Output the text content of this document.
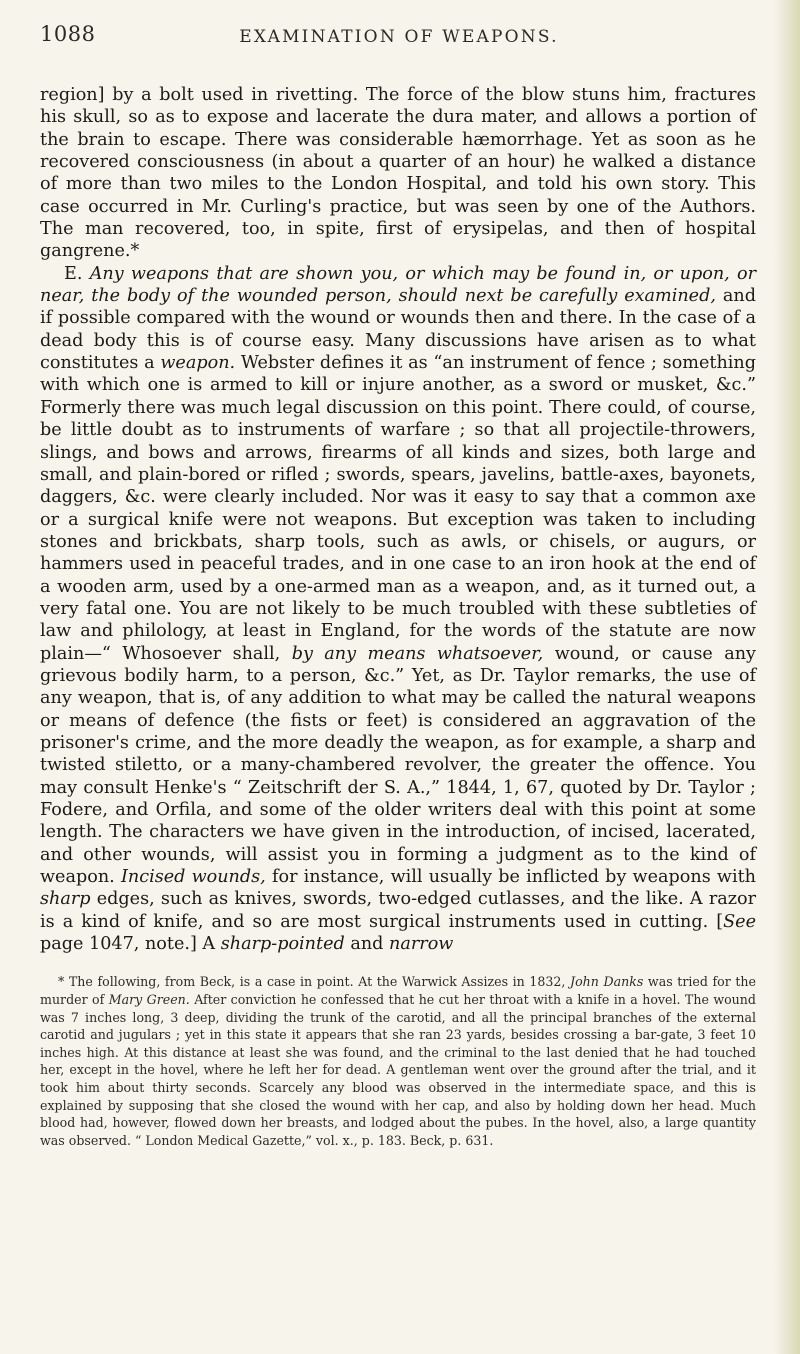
1088	EXAMINATION OF WEAPONS.

region] by a bolt used in rivetting. The force of the blow stuns him, fractures his skull, so as to expose and lacerate the dura mater, and allows a portion of the brain to escape. There was considerable hæmorrhage. Yet as soon as he recovered consciousness (in about a quarter of an hour) he walked a distance of more than two miles to the London Hospital, and told his own story. This case occurred in Mr. Curling's practice, but was seen by one of the Authors. The man recovered, too, in spite, first of erysipelas, and then of hospital gangrene.*

E. Any weapons that are shown you, or which may be found in, or upon, or near, the body of the wounded person, should next be carefully examined, and if possible compared with the wound or wounds then and there. In the case of a dead body this is of course easy. Many discussions have arisen as to what constitutes a weapon. Webster defines it as “an instrument of fence ; something with which one is armed to kill or injure another, as a sword or musket, &c.” Formerly there was much legal discussion on this point. There could, of course, be little doubt as to instruments of warfare ; so that all projectile-throwers, slings, and bows and arrows, firearms of all kinds and sizes, both large and small, and plain-bored or rifled ; swords, spears, javelins, battle-axes, bayonets, daggers, &c. were clearly included. Nor was it easy to say that a common axe or a surgical knife were not weapons. But exception was taken to including stones and brickbats, sharp tools, such as awls, or chisels, or augurs, or hammers used in peaceful trades, and in one case to an iron hook at the end of a wooden arm, used by a one-armed man as a weapon, and, as it turned out, a very fatal one. You are not likely to be much troubled with these subtleties of law and philology, at least in England, for the words of the statute are now plain—“ Whosoever shall, by any means whatsoever, wound, or cause any grievous bodily harm, to a person, &c.” Yet, as Dr. Taylor remarks, the use of any weapon, that is, of any addition to what may be called the natural weapons or means of defence (the fists or feet) is considered an aggravation of the prisoner's crime, and the more deadly the weapon, as for example, a sharp and twisted stiletto, or a many-chambered revolver, the greater the offence. You may consult Henke's “ Zeitschrift der S. A.,” 1844, 1, 67, quoted by Dr. Taylor ; Fodere, and Orfila, and some of the older writers deal with this point at some length. The characters we have given in the introduction, of incised, lacerated, and other wounds, will assist you in forming a judgment as to the kind of weapon. Incised wounds, for instance, will usually be inflicted by weapons with sharp edges, such as knives, swords, two-edged cutlasses, and the like. A razor is a kind of knife, and so are most surgical instruments used in cutting. [See page 1047, note.] A sharp-pointed and narrow

* The following, from Beck, is a case in point. At the Warwick Assizes in 1832, John Danks was tried for the murder of Mary Green. After conviction he confessed that he cut her throat with a knife in a hovel. The wound was 7 inches long, 3 deep, dividing the trunk of the carotid, and all the principal branches of the external carotid and jugulars ; yet in this state it appears that she ran 23 yards, besides crossing a bar-gate, 3 feet 10 inches high. At this distance at least she was found, and the criminal to the last denied that he had touched her, except in the hovel, where he left her for dead. A gentleman went over the ground after the trial, and it took him about thirty seconds. Scarcely any blood was observed in the intermediate space, and this is explained by supposing that she closed the wound with her cap, and also by holding down her head. Much blood had, however, flowed down her breasts, and lodged about the pubes. In the hovel, also, a large quantity was observed. “ London Medical Gazette,” vol. x., p. 183. Beck, p. 631.
